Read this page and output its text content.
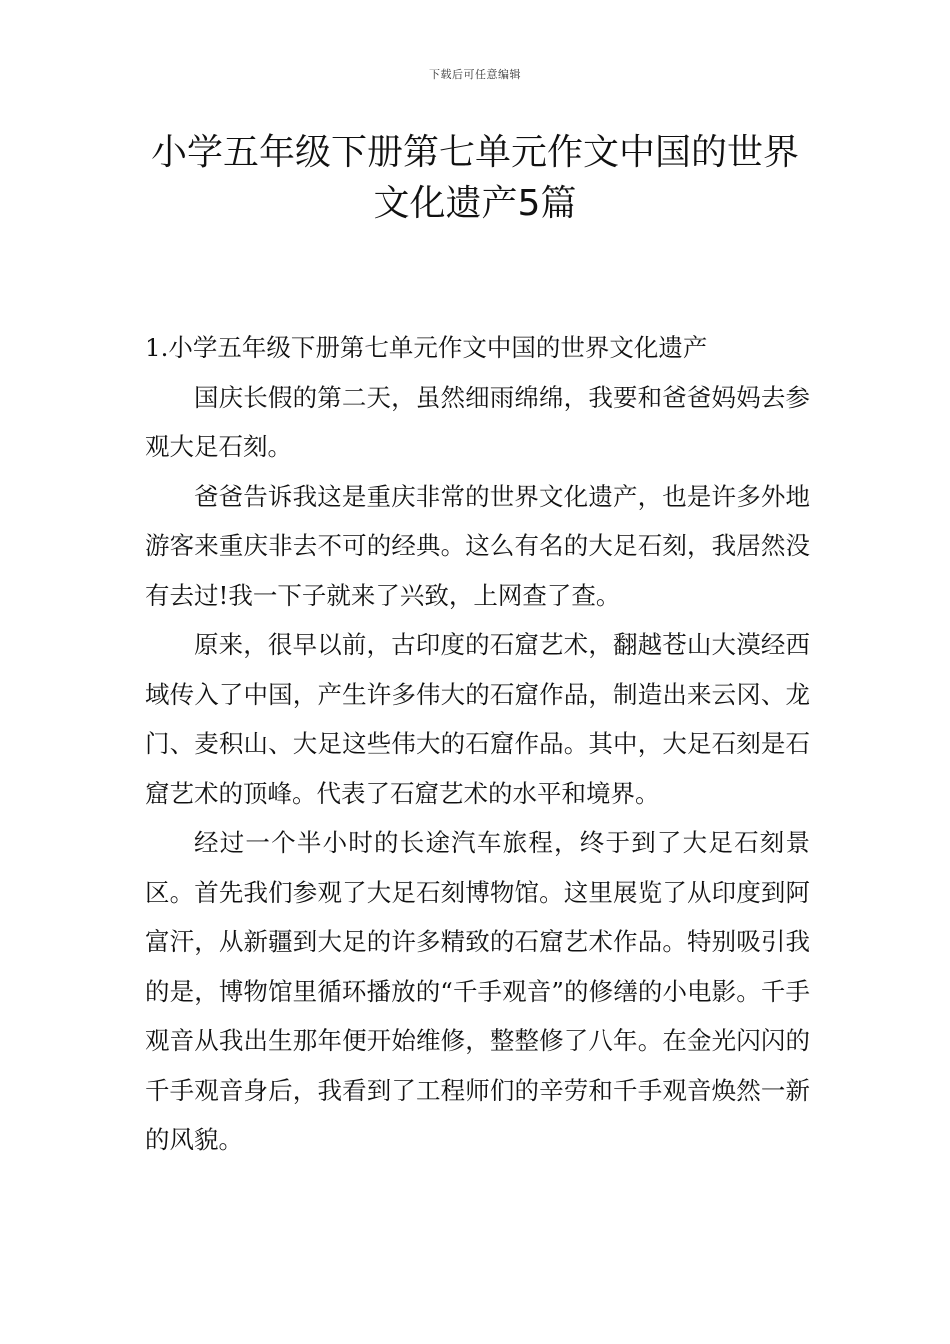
下载后可任意编辑
小学五年级下册第七单元作文中国的世界
文化遗产5篇

1.小学五年级下册第七单元作文中国的世界文化遗产

国庆长假的第二天，虽然细雨绵绵，我要和爸爸妈妈去参观大足石刻。

爸爸告诉我这是重庆非常的世界文化遗产，也是许多外地游客来重庆非去不可的经典。这么有名的大足石刻，我居然没有去过!我一下子就来了兴致，上网查了查。

原来，很早以前，古印度的石窟艺术，翻越苍山大漠经西域传入了中国，产生许多伟大的石窟作品，制造出来云冈、龙门、麦积山、大足这些伟大的石窟作品。其中，大足石刻是石窟艺术的顶峰。代表了石窟艺术的水平和境界。

经过一个半小时的长途汽车旅程，终于到了大足石刻景区。首先我们参观了大足石刻博物馆。这里展览了从印度到阿富汗，从新疆到大足的许多精致的石窟艺术作品。特别吸引我的是，博物馆里循环播放的“千手观音”的修缮的小电影。千手观音从我出生那年便开始维修，整整修了八年。在金光闪闪的千手观音身后，我看到了工程师们的辛劳和千手观音焕然一新的风貌。
